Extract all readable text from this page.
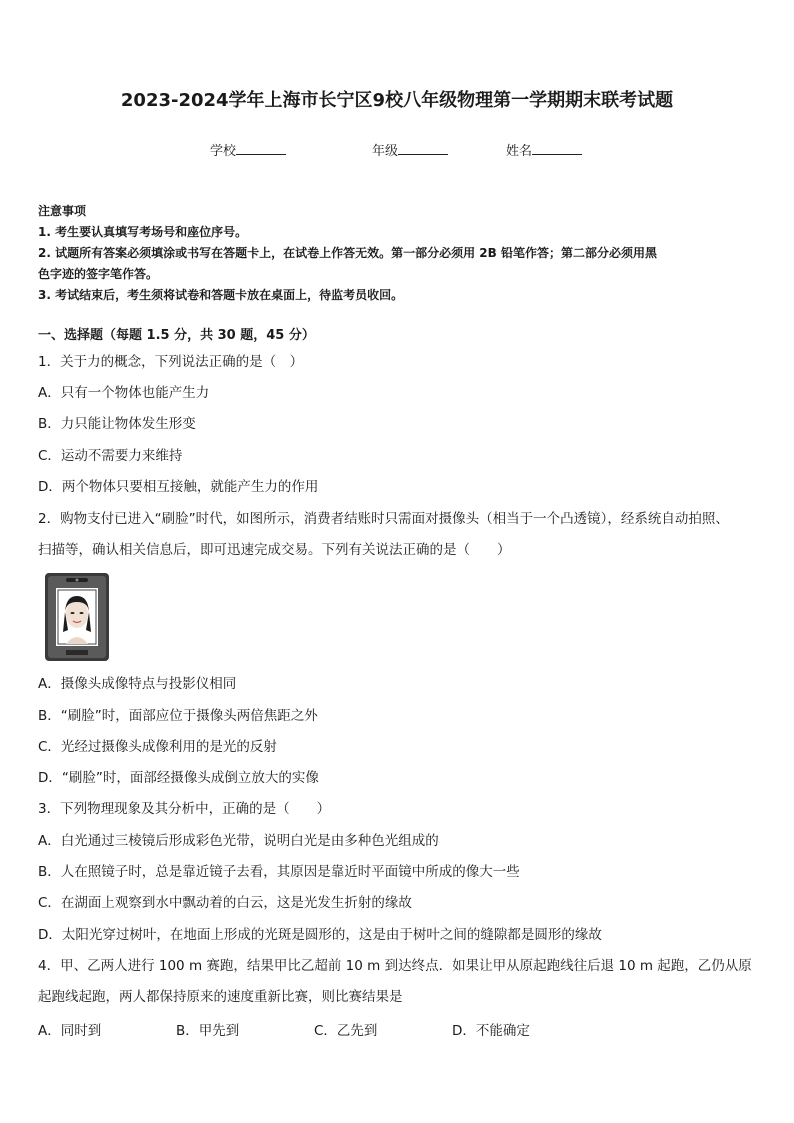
2023-2024学年上海市长宁区9校八年级物理第一学期期末联考试题
学校	年级	姓名
注意事项
1. 考生要认真填写考场号和座位序号。
2. 试题所有答案必须填涂或书写在答题卡上，在试卷上作答无效。第一部分必须用 2B 铅笔作答；第二部分必须用黑
色字迹的签字笔作答。
3. 考试结束后，考生须将试卷和答题卡放在桌面上，待监考员收回。
一、选择题（每题 1.5 分，共 30 题，45 分）
1．关于力的概念，下列说法正确的是（　）
A．只有一个物体也能产生力
B．力只能让物体发生形变
C．运动不需要力来维持
D．两个物体只要相互接触，就能产生力的作用
2．购物支付已进入“刷脸”时代，如图所示，消费者结账时只需面对摄像头（相当于一个凸透镜），经系统自动拍照、
扫描等，确认相关信息后，即可迅速完成交易。下列有关说法正确的是（　　）
A．摄像头成像特点与投影仪相同
B．“刷脸”时，面部应位于摄像头两倍焦距之外
C．光经过摄像头成像利用的是光的反射
D．“刷脸”时，面部经摄像头成倒立放大的实像
3．下列物理现象及其分析中，正确的是（　　）
A．白光通过三棱镜后形成彩色光带，说明白光是由多种色光组成的
B．人在照镜子时，总是靠近镜子去看，其原因是靠近时平面镜中所成的像大一些
C．在湖面上观察到水中飘动着的白云，这是光发生折射的缘故
D．太阳光穿过树叶，在地面上形成的光斑是圆形的，这是由于树叶之间的缝隙都是圆形的缘故
4．甲、乙两人进行 100 m 赛跑，结果甲比乙超前 10 m 到达终点．如果让甲从原起跑线往后退 10 m 起跑，乙仍从原
起跑线起跑，两人都保持原来的速度重新比赛，则比赛结果是
A．同时到	B．甲先到	C．乙先到	D．不能确定
